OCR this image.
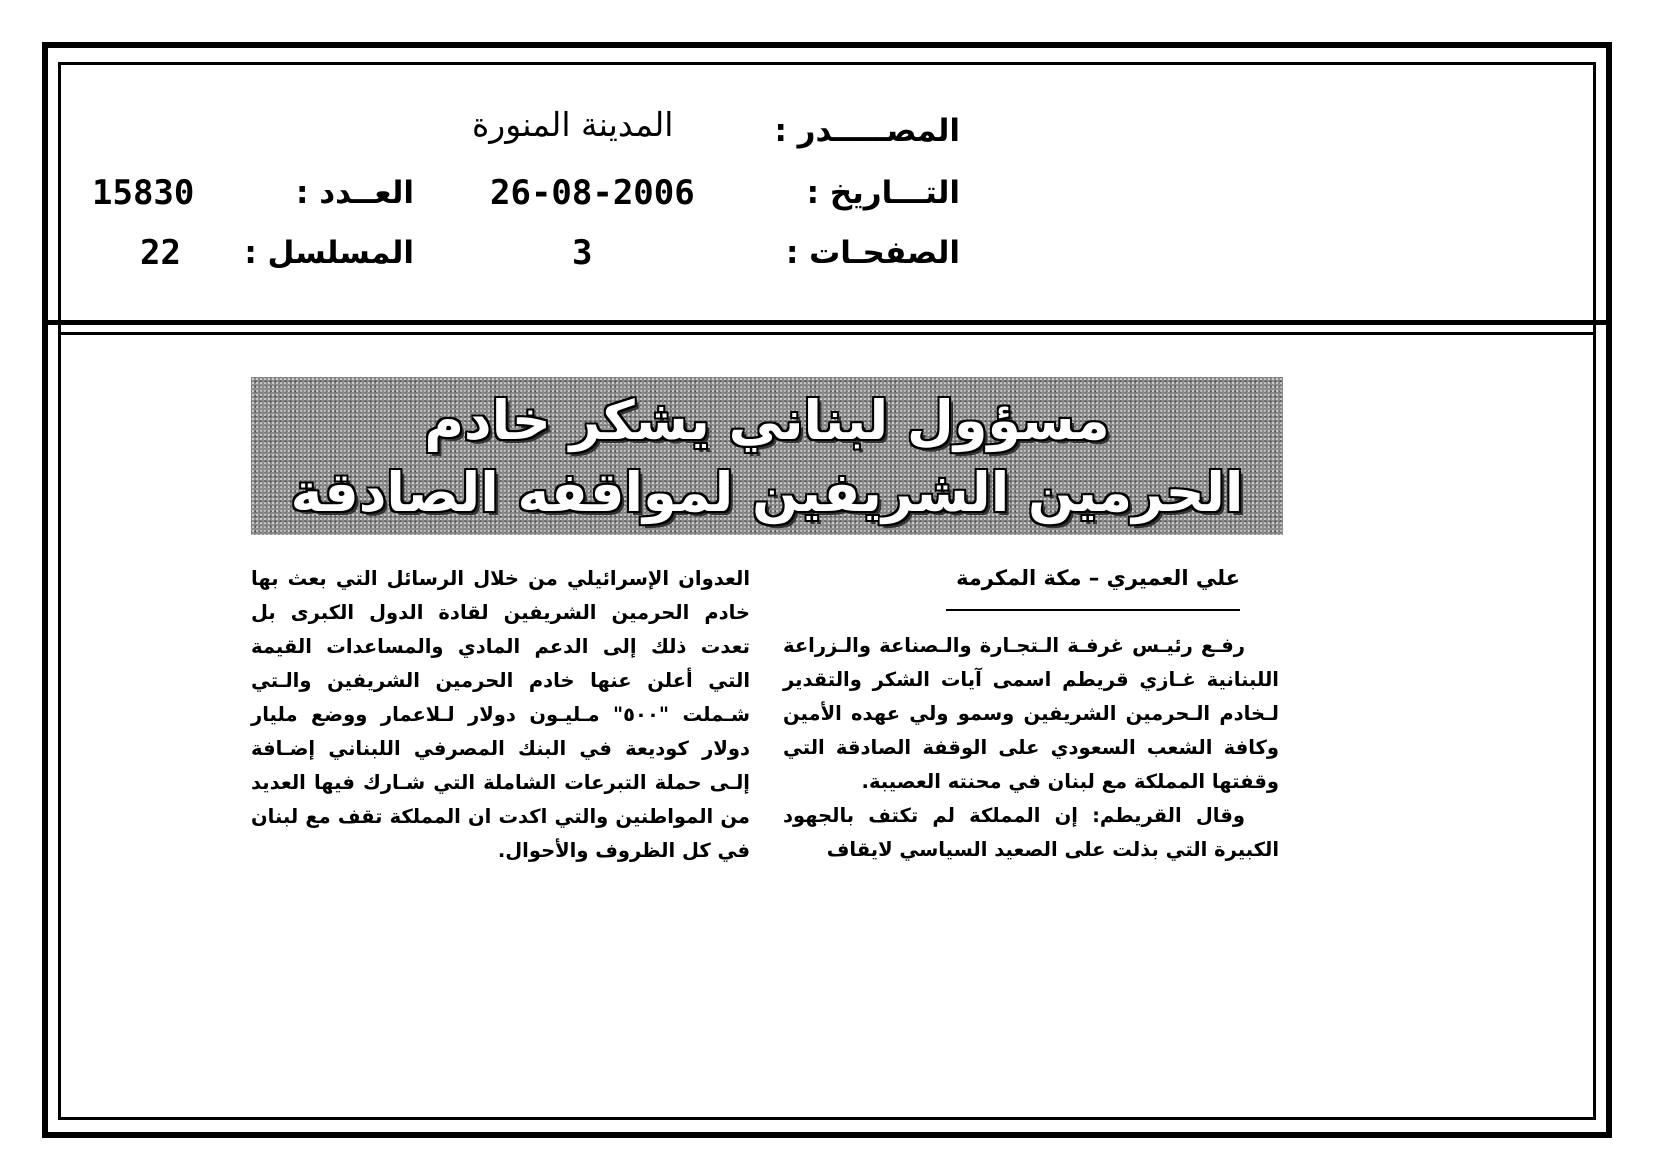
المصـــــدر :
المدينة المنورة
التـــاريخ :
26-08-2006
العــدد :
15830
الصفحـات :
3
المسلسل :
22
مسؤول لبناني يشكر خادم
الحرمين الشريفين لمواقفه الصادقة
علي العميري – مكة المكرمة

رفـع رئيـس غرفـة الـتجـارة والـصناعة والـزراعة اللبنانية غـازي قريطم اسمى آيات الشكر والتقدير لـخادم الـحرمين الشريفين وسمو ولي عهده الأمين وكافة الشعب السعودي على الوقفة الصادقة التي وقفتها المملكة مع لبنان في محنته العصيبة.

وقال القريطم: إن المملكة لم تكتف بالجهود الكبيرة التي بذلت على الصعيد السياسي لايقاف

العدوان الإسرائيلي من خلال الرسائل التي بعث بها خادم الحرمين الشريفين لقادة الدول الكبرى بل تعدت ذلك إلى الدعم المادي والمساعدات القيمة التي أعلن عنها خادم الحرمين الشريفين والـتي شـملت "٥٠٠" مـليـون دولار لـلاعمار ووضع مليار دولار كوديعة في البنك المصرفي اللبناني إضـافة إلـى حملة التبرعات الشاملة التي شـارك فيها العديد من المواطنين والتي اكدت ان المملكة تقف مع لبنان في كل الظروف والأحوال.
